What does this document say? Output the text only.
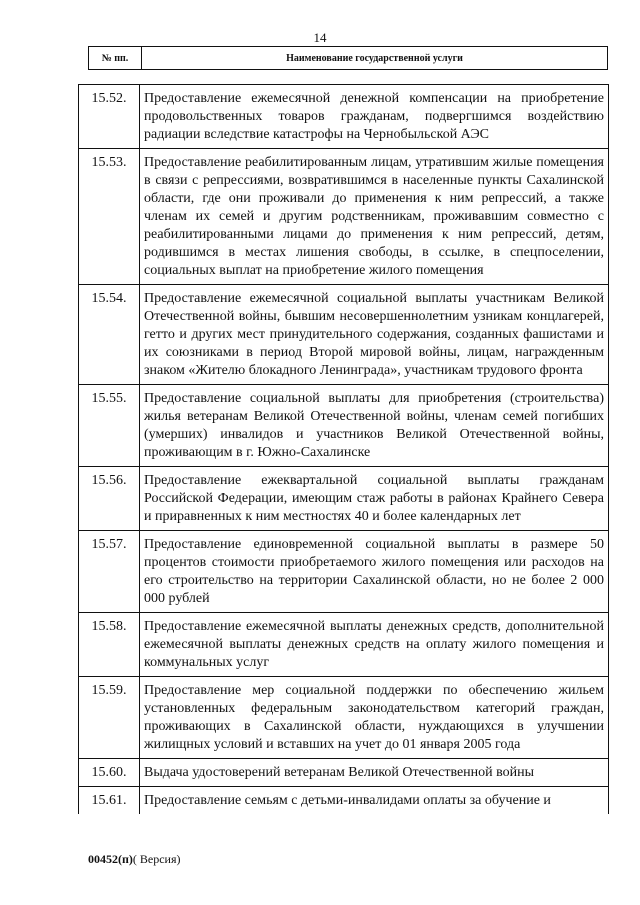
14
№ пп.	Наименование государственной услуги
15.52.	Предоставление ежемесячной денежной компенсации на приобретение продовольственных товаров гражданам, подвергшимся воздействию радиации вследствие катастрофы на Чернобыльской АЭС
15.53.	Предоставление реабилитированным лицам, утратившим жилые помещения в связи с репрессиями, возвратившимся в населенные пункты Сахалинской области, где они проживали до применения к ним репрессий, а также членам их семей и другим родственникам, проживавшим совместно с реабилитированными лицами до применения к ним репрессий, детям, родившимся в местах лишения свободы, в ссылке, в спецпоселении, социальных выплат на приобретение жилого помещения
15.54.	Предоставление ежемесячной социальной выплаты участникам Великой Отечественной войны, бывшим несовершеннолетним узникам концлагерей, гетто и других мест принудительного содержания, созданных фашистами и их союзниками в период Второй мировой войны, лицам, награжденным знаком «Жителю блокадного Ленинграда», участникам трудового фронта
15.55.	Предоставление социальной выплаты для приобретения (строительства) жилья ветеранам Великой Отечественной войны, членам семей погибших (умерших) инвалидов и участников Великой Отечественной войны, проживающим в г. Южно-Сахалинске
15.56.	Предоставление ежеквартальной социальной выплаты гражданам Российской Федерации, имеющим стаж работы в районах Крайнего Севера и приравненных к ним местностях 40 и более календарных лет
15.57.	Предоставление единовременной социальной выплаты в размере 50 процентов стоимости приобретаемого жилого помещения или расходов на его строительство на территории Сахалинской области, но не более 2 000 000 рублей
15.58.	Предоставление ежемесячной выплаты денежных средств, дополнительной ежемесячной выплаты денежных средств на оплату жилого помещения и коммунальных услуг
15.59.	Предоставление мер социальной поддержки по обеспечению жильем установленных федеральным законодательством категорий граждан, проживающих в Сахалинской области, нуждающихся в улучшении жилищных условий и вставших на учет до 01 января 2005 года
15.60.	Выдача удостоверений ветеранам Великой Отечественной войны
15.61.	Предоставление семьям с детьми-инвалидами оплаты за обучение и
00452(п)( Версия)
